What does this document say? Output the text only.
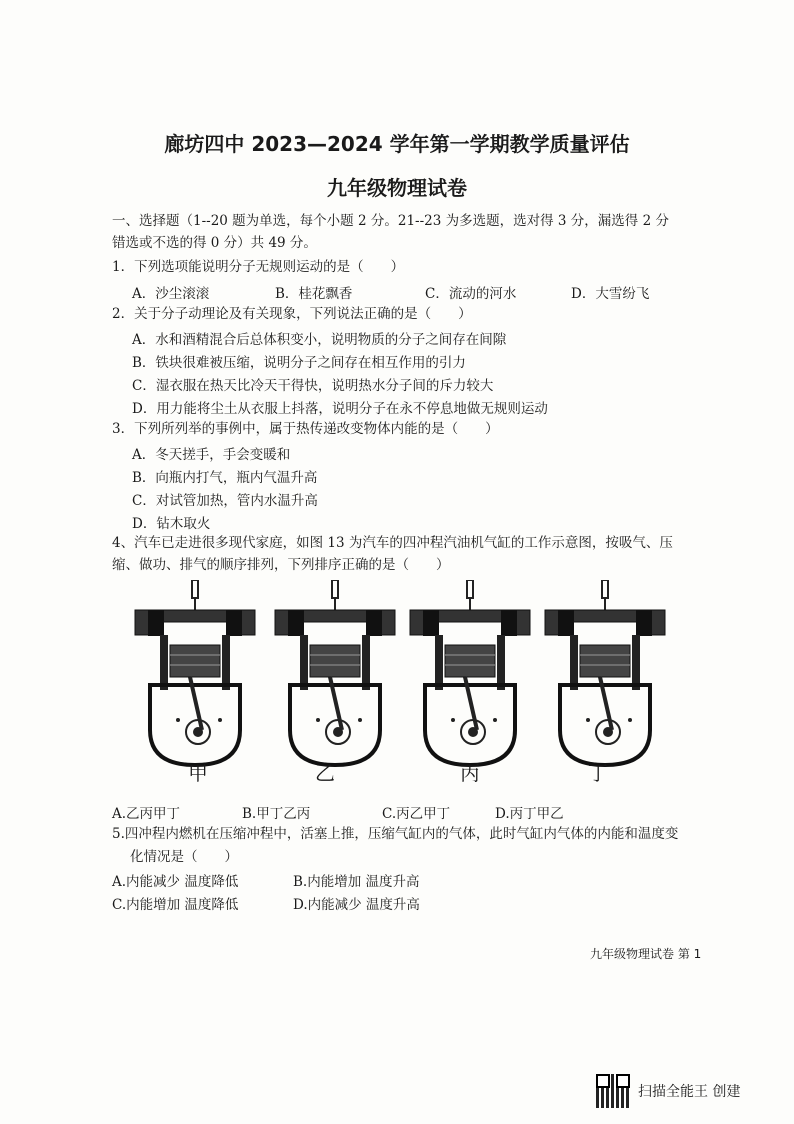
廊坊四中 2023—2024 学年第一学期教学质量评估
九年级物理试卷
一、选择题（1--20 题为单选，每个小题 2 分。21--23 为多选题，选对得 3 分，漏选得 2 分
错选或不选的得 0 分）共 49 分。
1．下列选项能说明分子无规则运动的是（　　）
A．沙尘滚滚	B．桂花飘香	C．流动的河水	D．大雪纷飞
2．关于分子动理论及有关现象，下列说法正确的是（　　）
A．水和酒精混合后总体积变小，说明物质的分子之间存在间隙
B．铁块很难被压缩，说明分子之间存在相互作用的引力
C．湿衣服在热天比冷天干得快，说明热水分子间的斥力较大
D．用力能将尘土从衣服上抖落，说明分子在永不停息地做无规则运动
3．下列所列举的事例中，属于热传递改变物体内能的是（　　）
A．冬天搓手，手会变暖和
B．向瓶内打气，瓶内气温升高
C．对试管加热，管内水温升高
D．钻木取火
4、汽车已走进很多现代家庭，如图 13 为汽车的四冲程汽油机气缸的工作示意图，按吸气、压
缩、做功、排气的顺序排列，下列排序正确的是（　　）
甲	乙	丙	丁
A.乙丙甲丁	B.甲丁乙丙	C.丙乙甲丁	D.丙丁甲乙
5.四冲程内燃机在压缩冲程中，活塞上推，压缩气缸内的气体，此时气缸内气体的内能和温度变
化情况是（　　）
A.内能减少 温度降低	B.内能增加 温度升高
C.内能增加 温度降低	D.内能减少 温度升高
九年级物理试卷 第 1
扫描全能王 创建
